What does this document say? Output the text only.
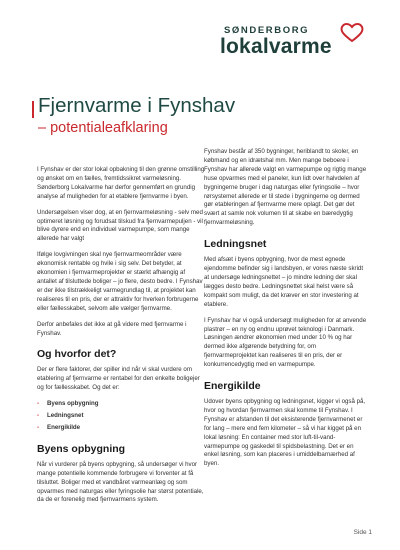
SØNDERBORG
lokalvarme
Fjernvarme i Fynshav
– potentialeafklaring

I Fynshav er der stor lokal opbakning til den grønne omstilling og ønsket om en fælles, fremtidssikret varmeløsning. Sønderborg Lokalvarme har derfor gennemført en grundig analyse af muligheden for at etablere fjernvarme i byen.

Undersøgelsen viser dog, at en fjernvarmeløsning - selv med optimeret løsning og forudsat tilskud fra fjernvarmepuljen - vil blive dyrere end en individuel varmepumpe, som mange allerede har valgt

Ifølge lovgivningen skal nye fjernvarmeområder være økonomisk rentable og hvile i sig selv. Det betyder, at økonomien i fjernvarmeprojekter er stærkt afhængig af antallet af tilsluttede boliger – jo flere, desto bedre. I Fynshav er der ikke tilstrækkeligt varmegrundlag til, at projektet kan realiseres til en pris, der er attraktiv for hverken forbrugerne eller fællesskabet, selvom alle vælger fjernvarme.

Derfor anbefales det ikke at gå videre med fjernvarme i Fynshav.

Og hvorfor det?

Der er flere faktorer, der spiller ind når vi skal vurdere om etablering af fjernvarme er rentabel for den enkelte boligejer og for fællesskabet. Og det er:

- Byens opbygning
- Ledningsnet
- Energikilde
Byens opbygning

Når vi vurderer på byens opbygning, så undersøger vi hvor mange potentielle kommende forbrugere vi forventer at få tilsluttet. Boliger med et vandbåret varmeanlæg og som opvarmes med naturgas eller fyringsolie har størst potentiale, da de er forenelig med fjernvarmens system.

Fynshav består af 350 bygninger, heriblandt to skoler, en købmand og en idrætshal mm. Men mange beboere i Fynshav har allerede valgt en varmepumpe og rigtig mange huse opvarmes med el paneler, kun lidt over halvdelen af bygningerne bruger i dag naturgas eller fyringsolie – hvor rørsystemet allerede er til stede i bygningerne og dermed gør etableringen af fjernvarme mere oplagt. Det gør det svært at samle nok volumen til at skabe en bæredygtig fjernvarmeløsning.

Ledningsnet

Med afsæt i byens opbygning, hvor de mest egnede ejendomme befinder sig i landsbyen, er vores næste skridt at undersøge ledningsnettet – jo mindre ledning der skal lægges desto bedre. Ledningsnettet skal helst være så kompakt som muligt, da det kræver en stor investering at etablere.

I Fynshav har vi også undersøgt muligheden for at anvende plastrør – en ny og endnu uprøvet teknologi i Danmark. Løsningen ændrer økonomien med under 10 % og har dermed ikke afgørende betydning for, om fjernvarmeprojektet kan realiseres til en pris, der er konkurrencedygtig med en varmepumpe.

Energikilde

Udover byens opbygning og ledningsnet, kigger vi også på, hvor og hvordan fjernvarmen skal komme til Fynshav. I Fynshav er afstanden til det eksisterende fjernvarmenet er for lang – mere end fem kilometer – så vi har kigget på en lokal løsning: En container med stor luft-til-vand-varmepumpe og gaskedel til spidsbelastning. Det er en enkel løsning, som kan placeres i umiddelbarnærhed af byen.

Side 1
